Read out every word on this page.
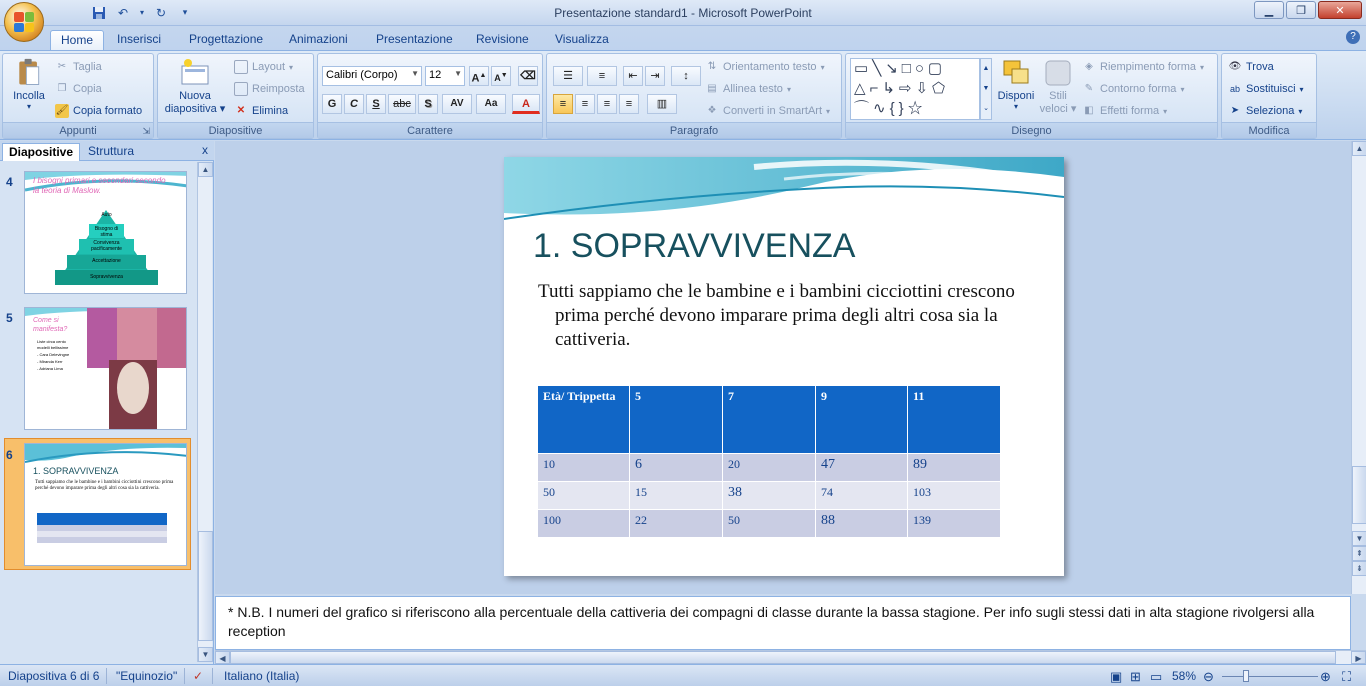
Presentazione standard1 - Microsoft PowerPoint
↶	▾ ↻	▾	▁	❐	✕
Home	Inserisci	Progettazione	Animazioni	Presentazione	Revisione	Visualizza	?
Incolla
▾
✂ Taglia
❐ Copia
🖌 Copia formato
Appunti	⇲
Nuova
diapositiva ▾
Layout ▾
Reimposta
✕ Elimina
Diapositive
Calibri (Corpo) ▼ 12 ▼ A▲ A▼ ⌫
G	C	S	abc	S	AV	Aa	A
Carattere
☰	≡	⇤	⇥	↕
≡	≡	≡	≡	▥
⇅ Orientamento testo ▾
▤ Allinea testo ▾
❖ Converti in SmartArt ▾
Paragrafo
▭╲↘□○▢
△⌐↳⇨⇩⬠
⌒∿{}☆
▲
▼
⌄
Disponi
▾
Stili
veloci ▾
◈ Riempimento forma ▾
✎ Contorno forma ▾
◧ Effetti forma ▾
Disegno
👁 Trova
ab Sostituisci ▾
➤ Seleziona ▾
Modifica
Diapositive	Struttura	x
4	I bisogni primari e secondari secondo la teoria di Maslow.
Auto
Bisogno di stima
Convivenza pacificamente
Accettazione
Sopravvivenza
5	Come si manifesta?
Liste circa cento
modelli bellissime
- Cara Delevingne
- Miranda Kerr
- Adriana Lima
6
1. SOPRAVVIVENZA
Tutti sappiamo che le bambine e i bambini cicciottini crescono prima perché devono imparare prima degli altri cosa sia la cattiveria.
▲
▼
1. SOPRAVVIVENZA
Tutti sappiamo che le bambine e i bambini cicciottini crescono prima perché devono imparare prima degli altri cosa sia la cattiveria.
Età/ Trippetta	5	7	9	11
10	6	20	47	89
50	15	38	74	103
100	22	50	88	139
▲
▼
⇞
⇟
* N.B. I numeri del grafico si riferiscono alla percentuale della cattiveria dei compagni di classe durante la bassa stagione. Per info sugli stessi dati in alta stagione rivolgersi alla reception
◀	▶
Diapositiva 6 di 6 "Equinozio" ✓ Italiano (Italia)	▣ ⊞ ▭ 58% ⊖	⊕ ⛶
